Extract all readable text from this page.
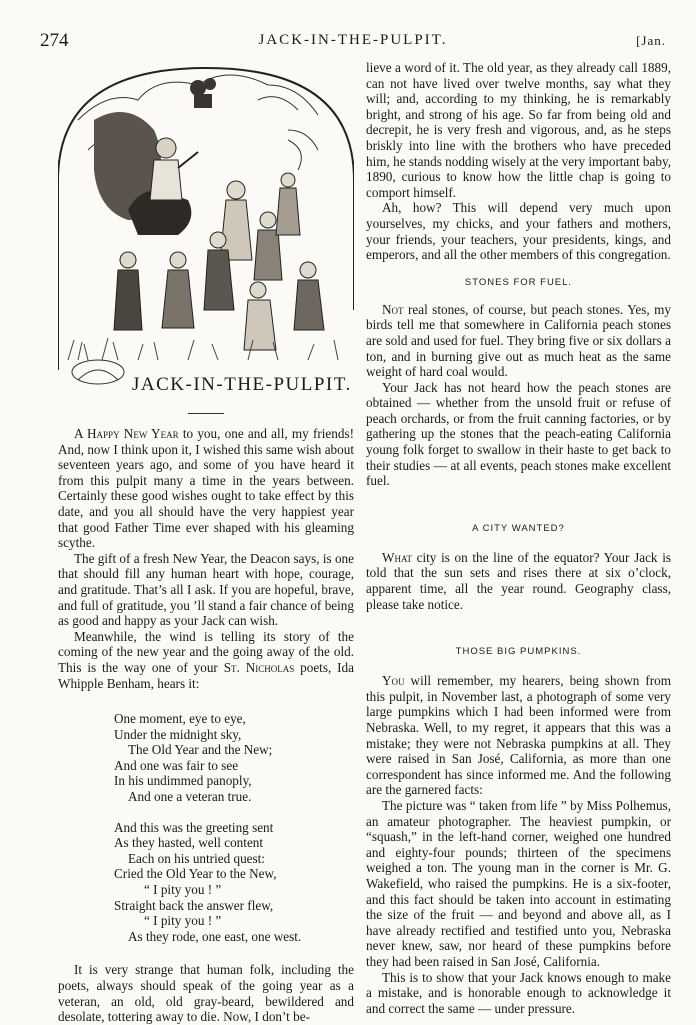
274	JACK-IN-THE-PULPIT.	[Jan.
JACK-IN-THE-PULPIT.

A Happy New Year to you, one and all, my friends! And, now I think upon it, I wished this same wish about seventeen years ago, and some of you have heard it from this pulpit many a time in the years between. Certainly these good wishes ought to take effect by this date, and you all should have the very happiest year that good Father Time ever shaped with his gleaming scythe.

The gift of a fresh New Year, the Deacon says, is one that should fill any human heart with hope, courage, and gratitude. That’s all I ask. If you are hopeful, brave, and full of gratitude, you ’ll stand a fair chance of being as good and happy as your Jack can wish.

Meanwhile, the wind is telling its story of the coming of the new year and the going away of the old. This is the way one of your St. Nicholas poets, Ida Whipple Benham, hears it:

One moment, eye to eye,
Under the midnight sky,
The Old Year and the New;
And one was fair to see
In his undimmed panoply,
And one a veteran true.
And this was the greeting sent
As they hasted, well content
Each on his untried quest:
Cried the Old Year to the New,
“ I pity you ! ”
Straight back the answer flew,
“ I pity you ! ”
As they rode, one east, one west.

It is very strange that human folk, including the poets, always should speak of the going year as a veteran, an old, old gray-beard, bewildered and desolate, tottering away to die. Now, I don’t be-

lieve a word of it. The old year, as they already call 1889, can not have lived over twelve months, say what they will; and, according to my thinking, he is remarkably bright, and strong of his age. So far from being old and decrepit, he is very fresh and vigorous, and, as he steps briskly into line with the brothers who have preceded him, he stands nodding wisely at the very important baby, 1890, curious to know how the little chap is going to comport himself.

Ah, how? This will depend very much upon yourselves, my chicks, and your fathers and mothers, your friends, your teachers, your presidents, kings, and emperors, and all the other members of this congregation.

STONES FOR FUEL.

Not real stones, of course, but peach stones. Yes, my birds tell me that somewhere in California peach stones are sold and used for fuel. They bring five or six dollars a ton, and in burning give out as much heat as the same weight of hard coal would.

Your Jack has not heard how the peach stones are obtained — whether from the unsold fruit or refuse of peach orchards, or from the fruit canning factories, or by gathering up the stones that the peach-eating California young folk forget to swallow in their haste to get back to their studies — at all events, peach stones make excellent fuel.

A CITY WANTED?

What city is on the line of the equator? Your Jack is told that the sun sets and rises there at six o’clock, apparent time, all the year round. Geography class, please take notice.

THOSE BIG PUMPKINS.

You will remember, my hearers, being shown from this pulpit, in November last, a photograph of some very large pumpkins which I had been informed were from Nebraska. Well, to my regret, it appears that this was a mistake; they were not Nebraska pumpkins at all. They were raised in San José, California, as more than one correspondent has since informed me. And the following are the garnered facts:

The picture was “ taken from life ” by Miss Polhemus, an amateur photographer. The heaviest pumpkin, or “squash,” in the left-hand corner, weighed one hundred and eighty-four pounds; thirteen of the specimens weighed a ton. The young man in the corner is Mr. G. Wakefield, who raised the pumpkins. He is a six-footer, and this fact should be taken into account in estimating the size of the fruit — and beyond and above all, as I have already rectified and testified unto you, Nebraska never knew, saw, nor heard of these pumpkins before they had been raised in San José, California.

This is to show that your Jack knows enough to make a mistake, and is honorable enough to acknowledge it and correct the same — under pressure.
